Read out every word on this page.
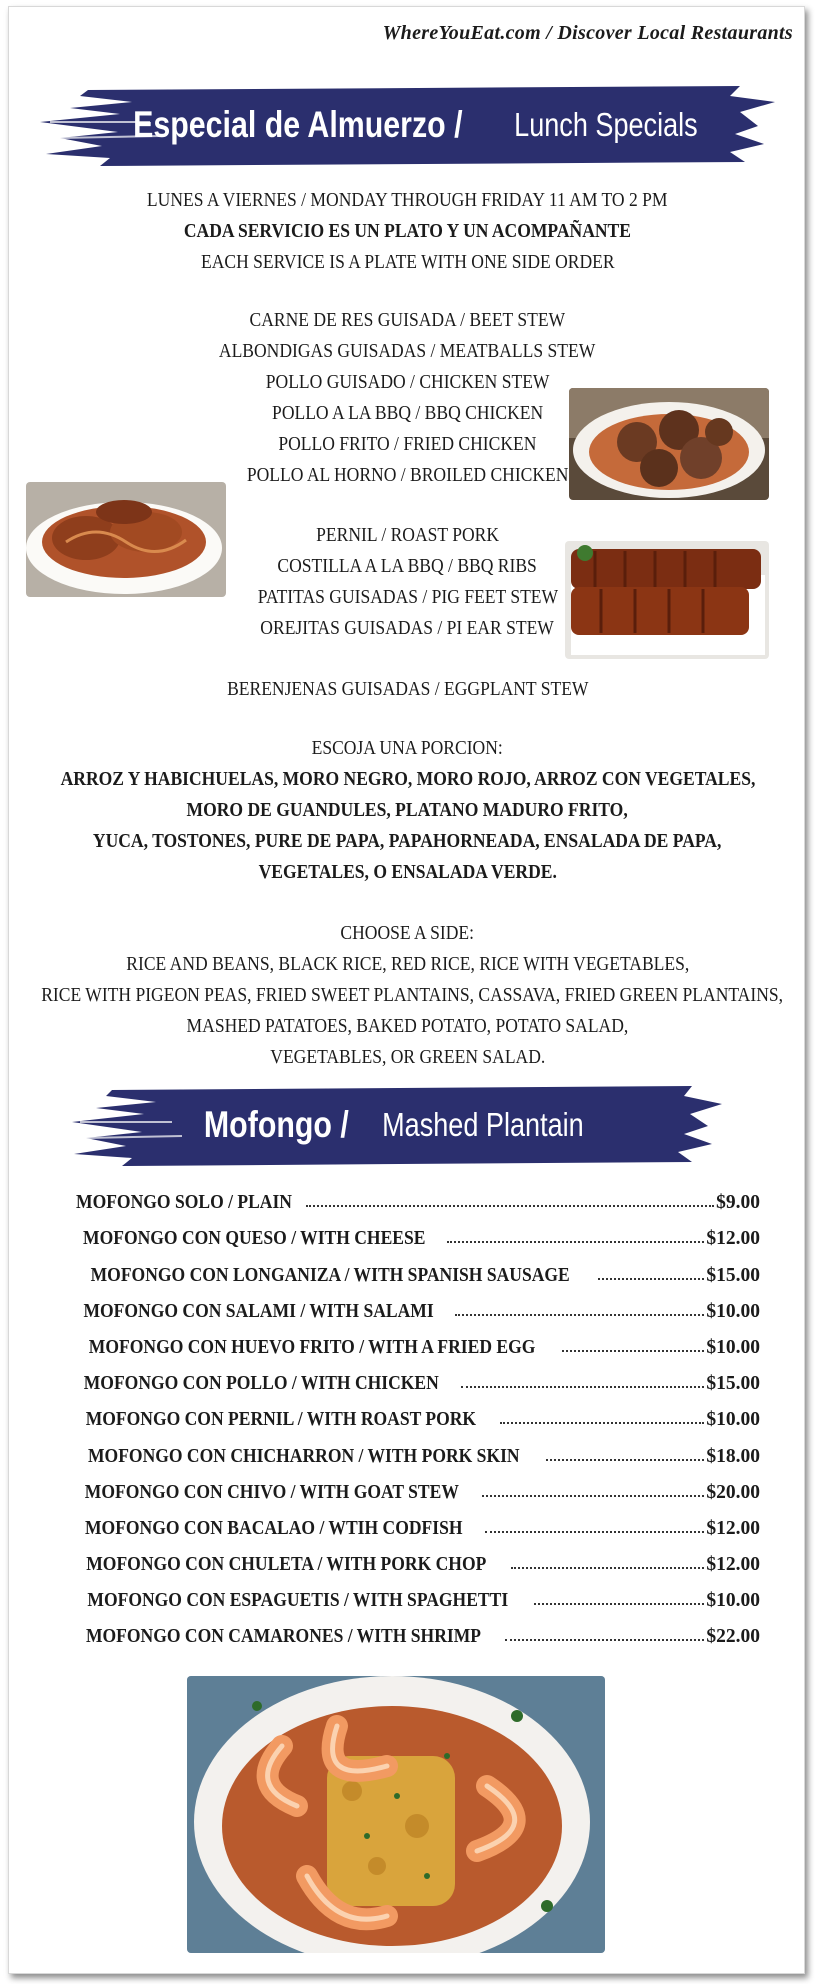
WhereYouEat.com / Discover Local Restaurants
Especial de Almuerzo /
Lunch Specials
LUNES A VIERNES / MONDAY THROUGH FRIDAY 11 AM TO 2 PM
CADA SERVICIO ES UN PLATO Y UN ACOMPAÑANTE
EACH SERVICE IS A PLATE WITH ONE SIDE ORDER
CARNE DE RES GUISADA / BEET STEW
ALBONDIGAS GUISADAS / MEATBALLS STEW
POLLO GUISADO / CHICKEN STEW
POLLO A LA BBQ / BBQ CHICKEN
POLLO FRITO / FRIED CHICKEN
POLLO AL HORNO / BROILED CHICKEN
PERNIL / ROAST PORK
COSTILLA A LA BBQ / BBQ RIBS
PATITAS GUISADAS / PIG FEET STEW
OREJITAS GUISADAS / PI EAR STEW
BERENJENAS GUISADAS / EGGPLANT STEW
ESCOJA UNA PORCION:
ARROZ Y HABICHUELAS, MORO NEGRO, MORO ROJO, ARROZ CON VEGETALES,
MORO DE GUANDULES, PLATANO MADURO FRITO,
YUCA, TOSTONES, PURE DE PAPA, PAPAHORNEADA, ENSALADA DE PAPA,
VEGETALES, O ENSALADA VERDE.
CHOOSE A SIDE:
RICE AND BEANS, BLACK RICE, RED RICE, RICE WITH VEGETABLES,
RICE WITH PIGEON PEAS, FRIED SWEET PLANTAINS, CASSAVA, FRIED GREEN PLANTAINS,
MASHED PATATOES, BAKED POTATO, POTATO SALAD,
VEGETABLES, OR GREEN SALAD.
Mofongo /
Mashed Plantain
MOFONGO SOLO / PLAIN	$9.00
MOFONGO CON QUESO / WITH CHEESE	$12.00
MOFONGO CON LONGANIZA / WITH SPANISH SAUSAGE	$15.00
MOFONGO CON SALAMI / WITH SALAMI	$10.00
MOFONGO CON HUEVO FRITO / WITH A FRIED EGG	$10.00
MOFONGO CON POLLO / WITH CHICKEN	$15.00
MOFONGO CON PERNIL / WITH ROAST PORK	$10.00
MOFONGO CON CHICHARRON / WITH PORK SKIN	$18.00
MOFONGO CON CHIVO / WITH GOAT STEW	$20.00
MOFONGO CON BACALAO / WTIH CODFISH	$12.00
MOFONGO CON CHULETA / WITH PORK CHOP	$12.00
MOFONGO CON ESPAGUETIS / WITH SPAGHETTI	$10.00
MOFONGO CON CAMARONES / WITH SHRIMP	$22.00
